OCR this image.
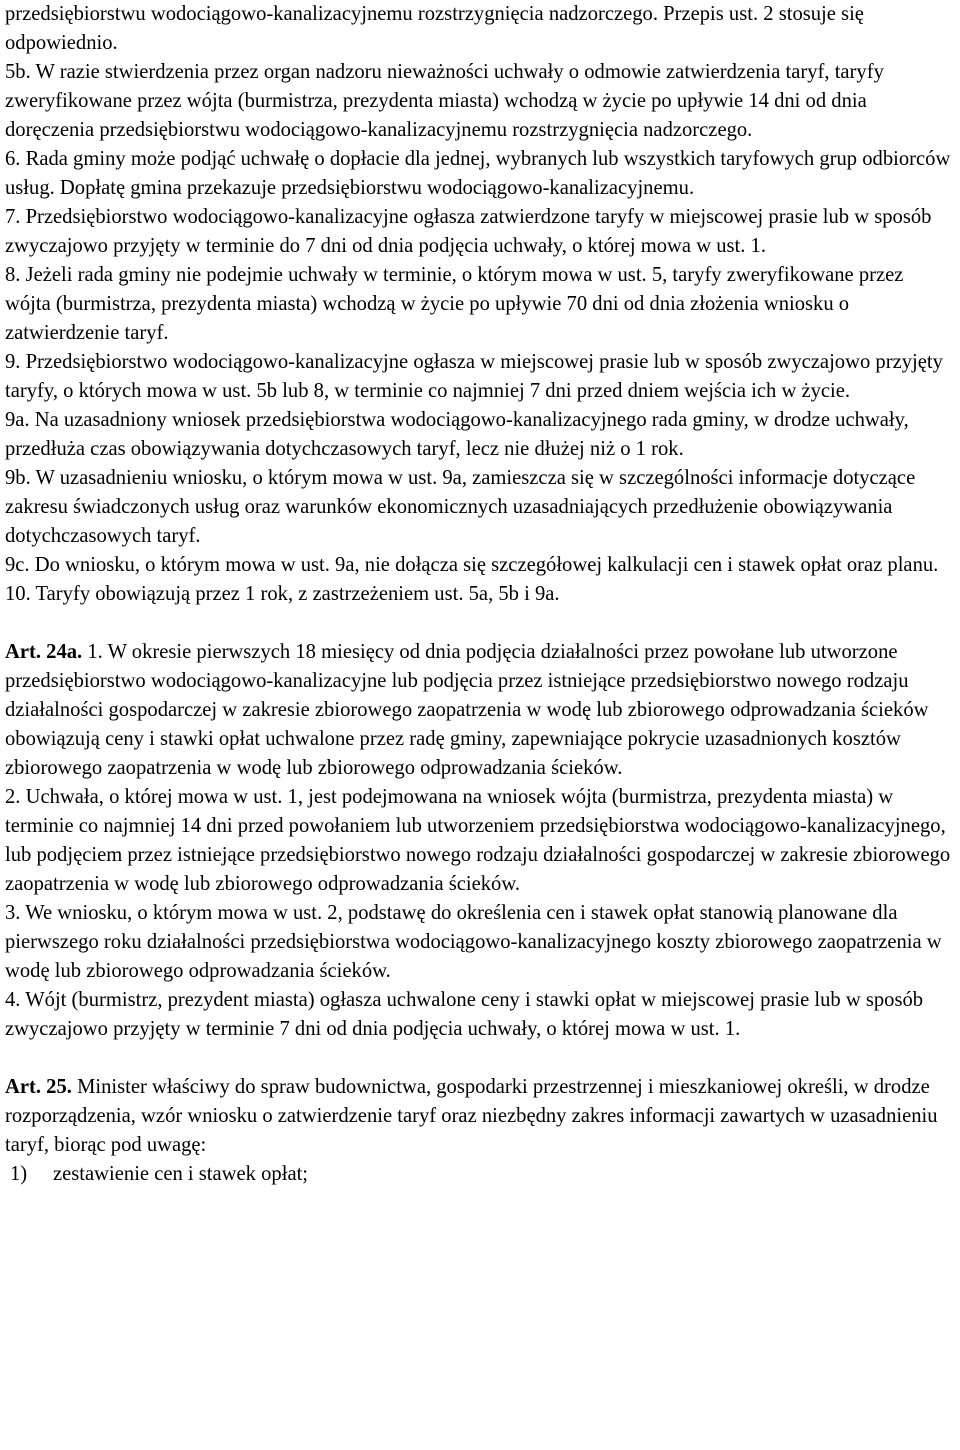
przedsiębiorstwu wodociągowo-kanalizacyjnemu rozstrzygnięcia nadzorczego. Przepis ust. 2 stosuje się odpowiednio.

5b. W razie stwierdzenia przez organ nadzoru nieważności uchwały o odmowie zatwierdzenia taryf, taryfy zweryfikowane przez wójta (burmistrza, prezydenta miasta) wchodzą w życie po upływie 14 dni od dnia doręczenia przedsiębiorstwu wodociągowo-kanalizacyjnemu rozstrzygnięcia nadzorczego.

6. Rada gminy może podjąć uchwałę o dopłacie dla jednej, wybranych lub wszystkich taryfowych grup odbiorców usług. Dopłatę gmina przekazuje przedsiębiorstwu wodociągowo-kanalizacyjnemu.

7. Przedsiębiorstwo wodociągowo-kanalizacyjne ogłasza zatwierdzone taryfy w miejscowej prasie lub w sposób zwyczajowo przyjęty w terminie do 7 dni od dnia podjęcia uchwały, o której mowa w ust. 1.

8. Jeżeli rada gminy nie podejmie uchwały w terminie, o którym mowa w ust. 5, taryfy zweryfikowane przez wójta (burmistrza, prezydenta miasta) wchodzą w życie po upływie 70 dni od dnia złożenia wniosku o zatwierdzenie taryf.

9. Przedsiębiorstwo wodociągowo-kanalizacyjne ogłasza w miejscowej prasie lub w sposób zwyczajowo przyjęty taryfy, o których mowa w ust. 5b lub 8, w terminie co najmniej 7 dni przed dniem wejścia ich w życie.

9a. Na uzasadniony wniosek przedsiębiorstwa wodociągowo-kanalizacyjnego rada gminy, w drodze uchwały, przedłuża czas obowiązywania dotychczasowych taryf, lecz nie dłużej niż o 1 rok.

9b. W uzasadnieniu wniosku, o którym mowa w ust. 9a, zamieszcza się w szczególności informacje dotyczące zakresu świadczonych usług oraz warunków ekonomicznych uzasadniających przedłużenie obowiązywania dotychczasowych taryf.

9c. Do wniosku, o którym mowa w ust. 9a, nie dołącza się szczegółowej kalkulacji cen i stawek opłat oraz planu.

10. Taryfy obowiązują przez 1 rok, z zastrzeżeniem ust. 5a, 5b i 9a.

Art. 24a. 1. W okresie pierwszych 18 miesięcy od dnia podjęcia działalności przez powołane lub utworzone przedsiębiorstwo wodociągowo-kanalizacyjne lub podjęcia przez istniejące przedsiębiorstwo nowego rodzaju działalności gospodarczej w zakresie zbiorowego zaopatrzenia w wodę lub zbiorowego odprowadzania ścieków obowiązują ceny i stawki opłat uchwalone przez radę gminy, zapewniające pokrycie uzasadnionych kosztów zbiorowego zaopatrzenia w wodę lub zbiorowego odprowadzania ścieków.

2. Uchwała, o której mowa w ust. 1, jest podejmowana na wniosek wójta (burmistrza, prezydenta miasta) w terminie co najmniej 14 dni przed powołaniem lub utworzeniem przedsiębiorstwa wodociągowo-kanalizacyjnego, lub podjęciem przez istniejące przedsiębiorstwo nowego rodzaju działalności gospodarczej w zakresie zbiorowego zaopatrzenia w wodę lub zbiorowego odprowadzania ścieków.

3. We wniosku, o którym mowa w ust. 2, podstawę do określenia cen i stawek opłat stanowią planowane dla pierwszego roku działalności przedsiębiorstwa wodociągowo-kanalizacyjnego koszty zbiorowego zaopatrzenia w wodę lub zbiorowego odprowadzania ścieków.

4. Wójt (burmistrz, prezydent miasta) ogłasza uchwalone ceny i stawki opłat w miejscowej prasie lub w sposób zwyczajowo przyjęty w terminie 7 dni od dnia podjęcia uchwały, o której mowa w ust. 1.

Art. 25. Minister właściwy do spraw budownictwa, gospodarki przestrzennej i mieszkaniowej określi, w drodze rozporządzenia, wzór wniosku o zatwierdzenie taryf oraz niezbędny zakres informacji zawartych w uzasadnieniu taryf, biorąc pod uwagę:

1) zestawienie cen i stawek opłat;
